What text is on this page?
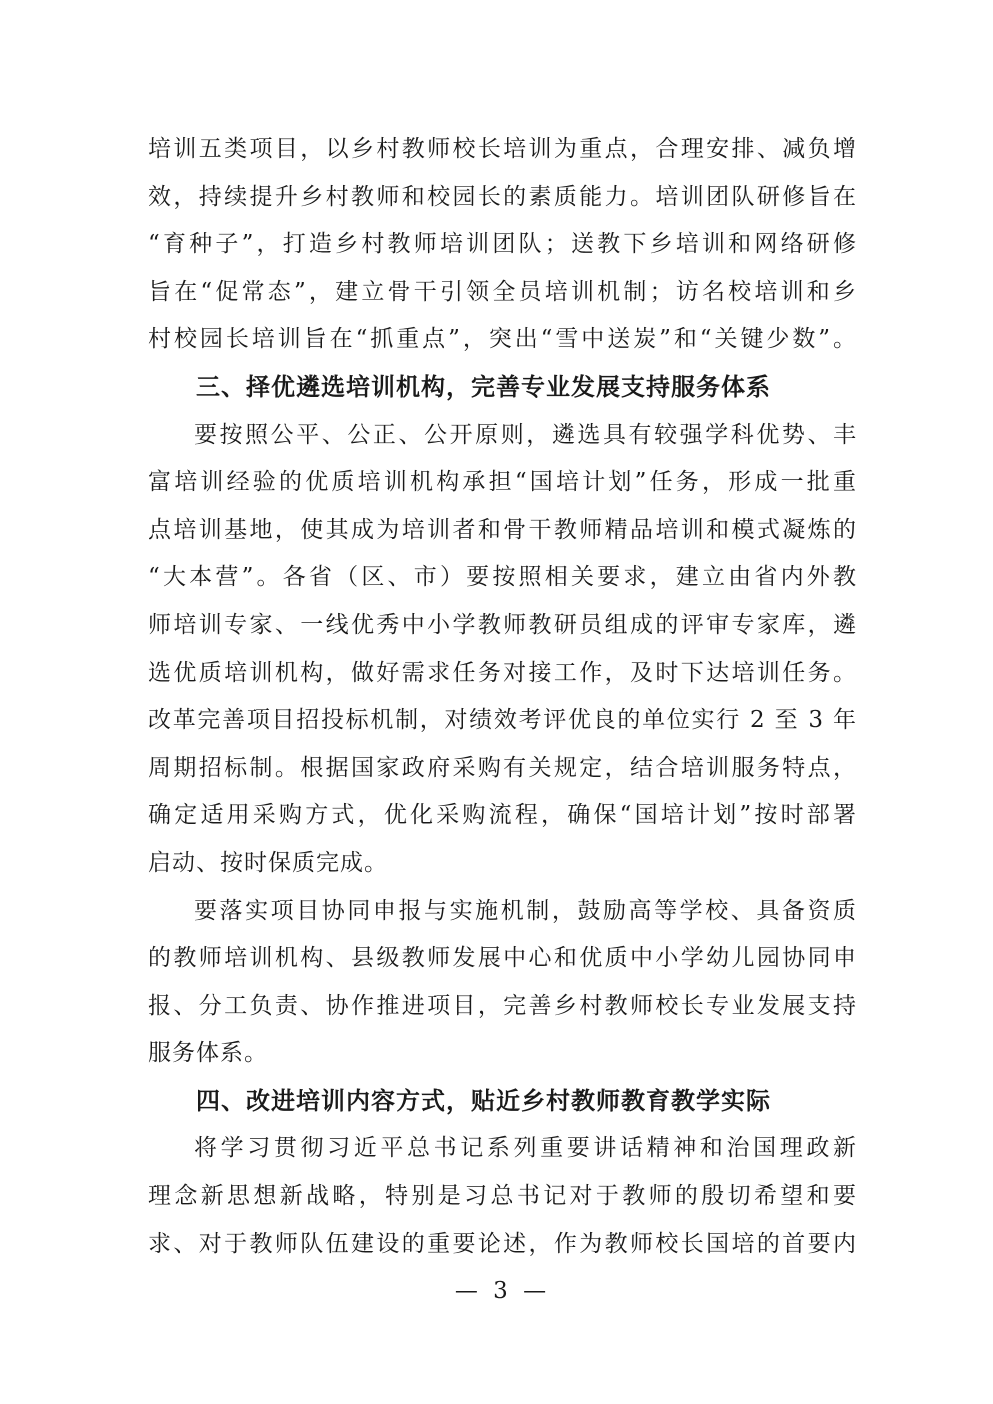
培训五类项目，以乡村教师校长培训为重点，合理安排、减负增
效，持续提升乡村教师和校园长的素质能力。培训团队研修旨在
“育种子”，打造乡村教师培训团队；送教下乡培训和网络研修
旨在“促常态”，建立骨干引领全员培训机制；访名校培训和乡
村校园长培训旨在“抓重点”，突出“雪中送炭”和“关键少数”。
三、择优遴选培训机构，完善专业发展支持服务体系
要按照公平、公正、公开原则，遴选具有较强学科优势、丰
富培训经验的优质培训机构承担“国培计划”任务，形成一批重
点培训基地，使其成为培训者和骨干教师精品培训和模式凝炼的
“大本营”。各省（区、市）要按照相关要求，建立由省内外教
师培训专家、一线优秀中小学教师教研员组成的评审专家库，遴
选优质培训机构，做好需求任务对接工作，及时下达培训任务。
改革完善项目招投标机制，对绩效考评优良的单位实行 2 至 3 年
周期招标制。根据国家政府采购有关规定，结合培训服务特点，
确定适用采购方式，优化采购流程，确保“国培计划”按时部署
启动、按时保质完成。
要落实项目协同申报与实施机制，鼓励高等学校、具备资质
的教师培训机构、县级教师发展中心和优质中小学幼儿园协同申
报、分工负责、协作推进项目，完善乡村教师校长专业发展支持
服务体系。
四、改进培训内容方式，贴近乡村教师教育教学实际
将学习贯彻习近平总书记系列重要讲话精神和治国理政新
理念新思想新战略，特别是习总书记对于教师的殷切希望和要
求、对于教师队伍建设的重要论述，作为教师校长国培的首要内
— 3 —
